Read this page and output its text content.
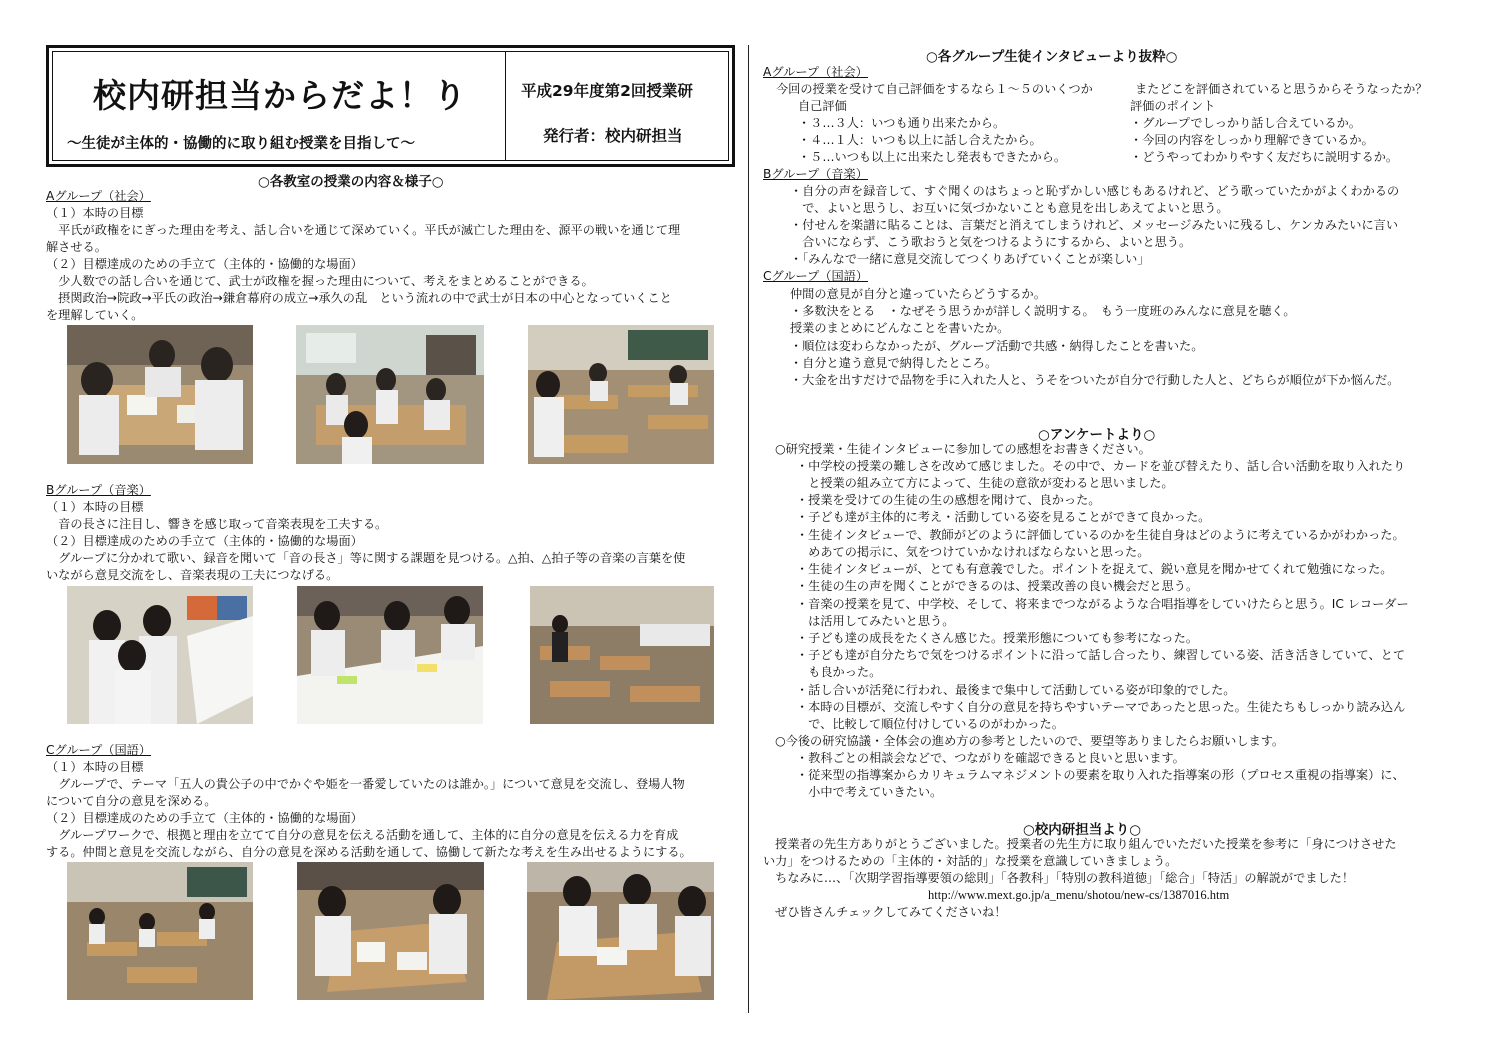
校内研担当からだよ！り
～生徒が主体的・協働的に取り組む授業を目指して～
平成29年度第2回授業研
発行者：校内研担当
○各教室の授業の内容＆様子○
Aグループ（社会）
（１）本時の目標
　平氏が政権をにぎった理由を考え、話し合いを通じて深めていく。平氏が滅亡した理由を、源平の戦いを通じて理
解させる。
（２）目標達成のための手立て（主体的・協働的な場面）
　少人数での話し合いを通じて、武士が政権を握った理由について、考えをまとめることができる。
　摂関政治→院政→平氏の政治→鎌倉幕府の成立→承久の乱　という流れの中で武士が日本の中心となっていくこと
を理解していく。
Bグループ（音楽）
（１）本時の目標
　音の長さに注目し、響きを感じ取って音楽表現を工夫する。
（２）目標達成のための手立て（主体的・協働的な場面）
　グループに分かれて歌い、録音を聞いて「音の長さ」等に関する課題を見つける。△拍、△拍子等の音楽の言葉を使
いながら意見交流をし、音楽表現の工夫につなげる。
Cグループ（国語）
（１）本時の目標
　グループで、テーマ「五人の貴公子の中でかぐや姫を一番愛していたのは誰か。」について意見を交流し、登場人物
について自分の意見を深める。
（２）目標達成のための手立て（主体的・協働的な場面）
　グループワークで、根拠と理由を立てて自分の意見を伝える活動を通して、主体的に自分の意見を伝える力を育成
する。仲間と意見を交流しながら、自分の意見を深める活動を通して、協働して新たな考えを生み出せるようにする。
○各グループ生徒インタビューより抜粋○
Aグループ（社会）
今回の授業を受けて自己評価をするなら１～５のいくつか	またどこを評価されていると思うからそうなったか？
自己評価	評価のポイント
・３…３人：いつも通り出来たから。
・４…１人：いつも以上に話し合えたから。
・５…いつも以上に出来たし発表もできたから。
・グループでしっかり話し合えているか。
・今回の内容をしっかり理解できているか。
・どうやってわかりやすく友だちに説明するか。
Bグループ（音楽）
・自分の声を録音して、すぐ聞くのはちょっと恥ずかしい感じもあるけれど、どう歌っていたかがよくわかるの
　で、よいと思うし、お互いに気づかないことも意見を出しあえてよいと思う。
・付せんを楽譜に貼ることは、言葉だと消えてしまうけれど、メッセージみたいに残るし、ケンカみたいに言い
　合いにならず、こう歌おうと気をつけるようにするから、よいと思う。
・「みんなで一緒に意見交流してつくりあげていくことが楽しい」
Cグループ（国語）
仲間の意見が自分と違っていたらどうするか。
・多数決をとる　・なぜそう思うかが詳しく説明する。　もう一度班のみんなに意見を聴く。
授業のまとめにどんなことを書いたか。
・順位は変わらなかったが、グループ活動で共感・納得したことを書いた。
・自分と違う意見で納得したところ。
・大金を出すだけで品物を手に入れた人と、うそをついたが自分で行動した人と、どちらが順位が下か悩んだ。
○アンケートより○
○研究授業・生徒インタビューに参加しての感想をお書きください。
・中学校の授業の難しさを改めて感じました。その中で、カードを並び替えたり、話し合い活動を取り入れたり
　と授業の組み立て方によって、生徒の意欲が変わると思いました。
・授業を受けての生徒の生の感想を聞けて、良かった。
・子ども達が主体的に考え・活動している姿を見ることができて良かった。
・生徒インタビューで、教師がどのように評価しているのかを生徒自身はどのように考えているかがわかった。
　めあての掲示に、気をつけていかなければならないと思った。
・生徒インタビューが、とても有意義でした。ポイントを捉えて、鋭い意見を聞かせてくれて勉強になった。
・生徒の生の声を聞くことができるのは、授業改善の良い機会だと思う。
・音楽の授業を見て、中学校、そして、将来までつながるような合唱指導をしていけたらと思う。IC レコーダー
　は活用してみたいと思う。
・子ども達の成長をたくさん感じた。授業形態についても参考になった。
・子ども達が自分たちで気をつけるポイントに沿って話し合ったり、練習している姿、活き活きしていて、とて
　も良かった。
・話し合いが活発に行われ、最後まで集中して活動している姿が印象的でした。
・本時の目標が、交流しやすく自分の意見を持ちやすいテーマであったと思った。生徒たちもしっかり読み込ん
　で、比較して順位付けしているのがわかった。
○今後の研究協議・全体会の進め方の参考としたいので、要望等ありましたらお願いします。
・教科ごとの相談会などで、つながりを確認できると良いと思います。
・従来型の指導案からカリキュラムマネジメントの要素を取り入れた指導案の形（プロセス重視の指導案）に、
　小中で考えていきたい。
○校内研担当より○
　授業者の先生方ありがとうございました。授業者の先生方に取り組んでいただいた授業を参考に「身につけさせた
い力」をつけるための「主体的・対話的」な授業を意識していきましょう。
　ちなみに…、「次期学習指導要領の総則」「各教科」「特別の教科道徳」「総合」「特活」の解説がでました！
http://www.mext.go.jp/a_menu/shotou/new-cs/1387016.htm
　ぜひ皆さんチェックしてみてくださいね！
